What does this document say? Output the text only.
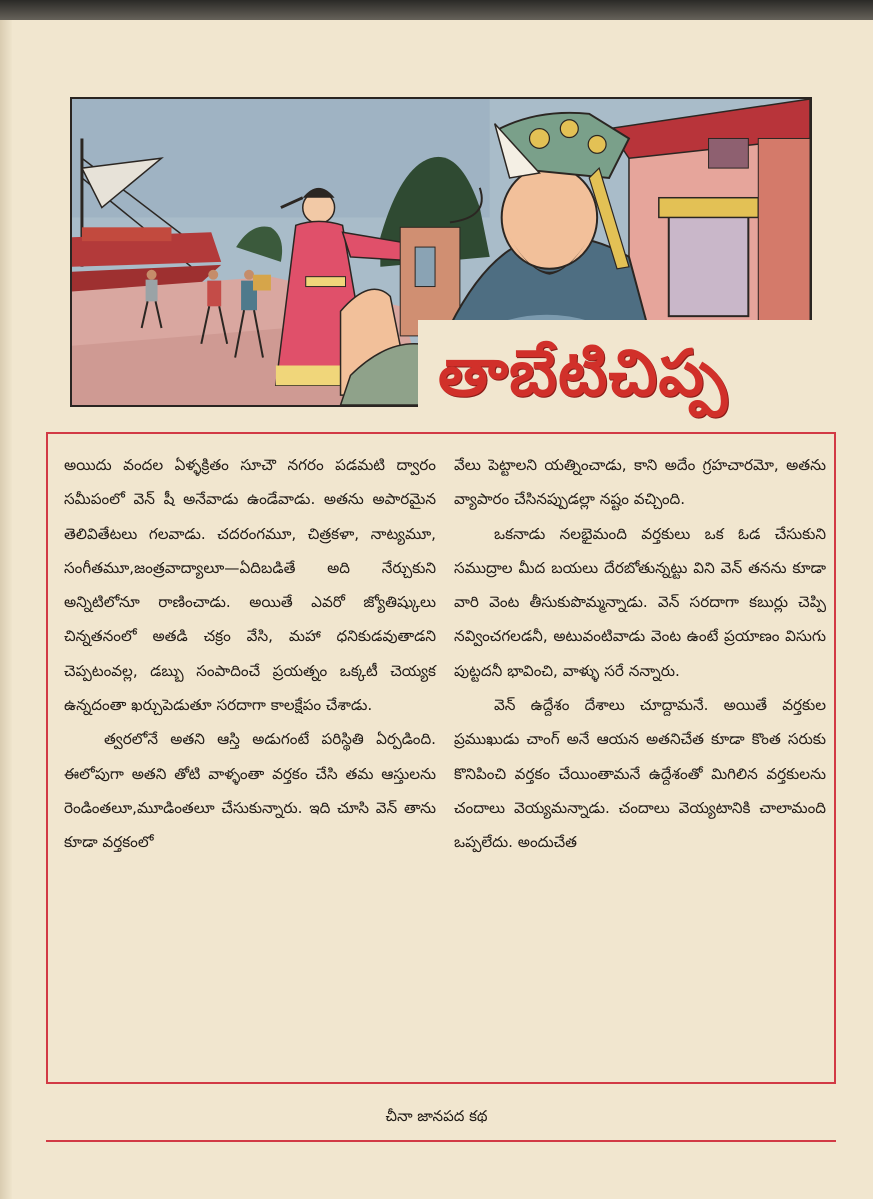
తాబేటిచిప్ప

అయిదు వందల ఏళ్ళక్రితం సూచౌ నగరం పడమటి ద్వారం సమీపంలో వెన్ షీ అనేవాడు ఉండేవాడు. అతను అపారమైన తెలివితేటలు గలవాడు. చదరంగమూ, చిత్రకళా, నాట్యమూ, సంగీతమూ,జంత్రవాద్యాలూ—ఏదిబడితే అది నేర్చుకుని అన్నిటిలోనూ రాణించాడు. అయితే ఎవరో జ్యోతిష్కులు చిన్నతనంలో అతడి చక్రం వేసి, మహా ధనికుడవుతాడని చెప్పటంవల్ల, డబ్బు సంపాదించే ప్రయత్నం ఒక్కటీ చెయ్యక ఉన్నదంతా ఖర్చుపెడుతూ సరదాగా కాలక్షేపం చేశాడు.

త్వరలోనే అతని ఆస్తి అడుగంటే పరిస్థితి ఏర్పడింది. ఈలోపుగా అతని తోటి వాళ్ళంతా వర్తకం చేసి తమ ఆస్తులను రెండింతలూ,మూడింతలూ చేసుకున్నారు. ఇది చూసి వెన్ తాను కూడా వర్తకంలో

వేలు పెట్టాలని యత్నించాడు, కాని అదేం గ్రహచారమో, అతను వ్యాపారం చేసినప్పుడల్లా నష్టం వచ్చింది.

ఒకనాడు నలభైమంది వర్తకులు ఒక ఓడ చేసుకుని సముద్రాల మీద బయలు దేరబోతున్నట్టు విని వెన్ తనను కూడా వారి వెంట తీసుకుపొమ్మన్నాడు. వెన్ సరదాగా కబుర్లు చెప్పి నవ్వించగలడనీ, అటువంటివాడు వెంట ఉంటే ప్రయాణం విసుగు పుట్టదనీ భావించి, వాళ్ళు సరే నన్నారు.

వెన్ ఉద్దేశం దేశాలు చూద్దామనే. అయితే వర్తకుల ప్రముఖుడు చాంగ్ అనే ఆయన అతనిచేత కూడా కొంత సరుకు కొనిపించి వర్తకం చేయింతామనే ఉద్దేశంతో మిగిలిన వర్తకులను చందాలు వెయ్యమన్నాడు. చందాలు వెయ్యటానికి చాలామంది ఒప్పలేదు. అందుచేత

చీనా జానపద కథ
